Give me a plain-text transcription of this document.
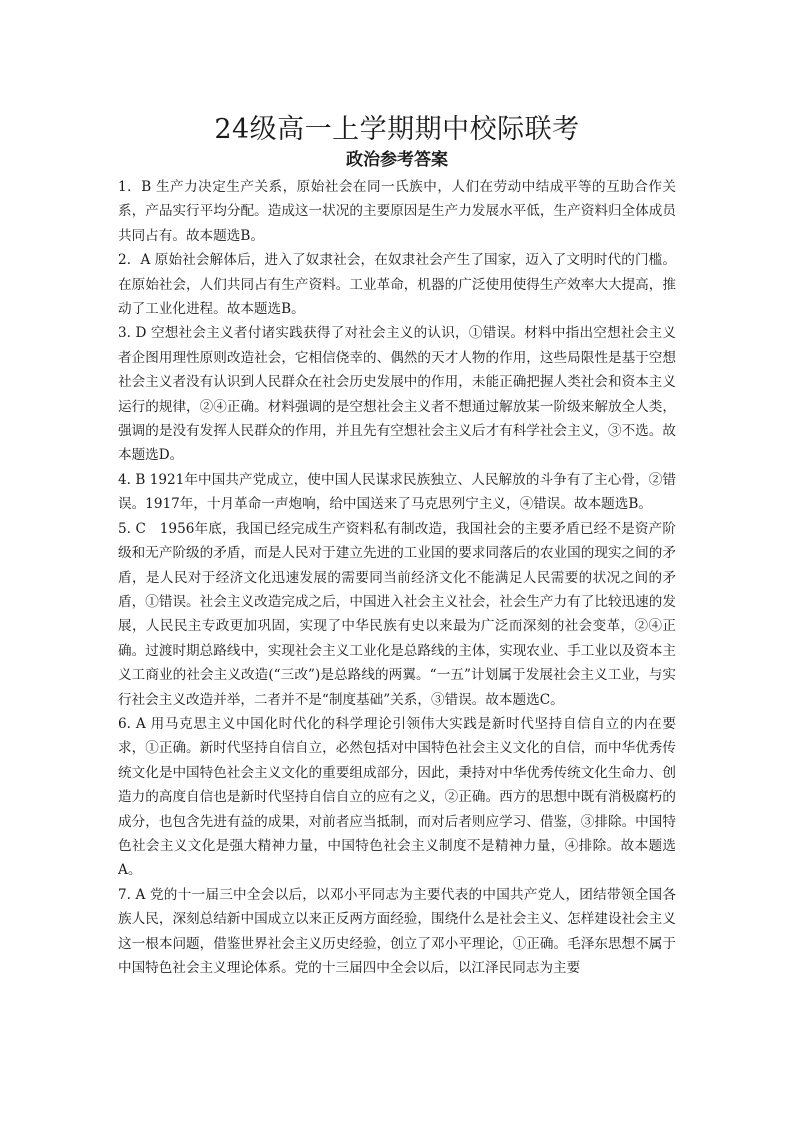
24级高一上学期期中校际联考
政治参考答案

1．B 生产力决定生产关系，原始社会在同一氏族中，人们在劳动中结成平等的互助合作关系，产品实行平均分配。造成这一状况的主要原因是生产力发展水平低，生产资料归全体成员共同占有。故本题选B。

2．A 原始社会解体后，进入了奴隶社会，在奴隶社会产生了国家，迈入了文明时代的门槛。在原始社会，人们共同占有生产资料。工业革命，机器的广泛使用使得生产效率大大提高，推动了工业化进程。故本题选B。

3. D 空想社会主义者付诸实践获得了对社会主义的认识，①错误。材料中指出空想社会主义者企图用理性原则改造社会，它相信侥幸的、偶然的天才人物的作用，这些局限性是基于空想社会主义者没有认识到人民群众在社会历史发展中的作用，未能正确把握人类社会和资本主义运行的规律，②④正确。材料强调的是空想社会主义者不想通过解放某一阶级来解放全人类，强调的是没有发挥人民群众的作用，并且先有空想社会主义后才有科学社会主义，③不选。故本题选D。

4. B 1921年中国共产党成立，使中国人民谋求民族独立、人民解放的斗争有了主心骨，②错误。1917年，十月革命一声炮响，给中国送来了马克思列宁主义，④错误。故本题选B。

5. C　1956年底，我国已经完成生产资料私有制改造，我国社会的主要矛盾已经不是资产阶级和无产阶级的矛盾，而是人民对于建立先进的工业国的要求同落后的农业国的现实之间的矛盾，是人民对于经济文化迅速发展的需要同当前经济文化不能满足人民需要的状况之间的矛盾，①错误。社会主义改造完成之后，中国进入社会主义社会，社会生产力有了比较迅速的发展，人民民主专政更加巩固，实现了中华民族有史以来最为广泛而深刻的社会变革，②④正确。过渡时期总路线中，实现社会主义工业化是总路线的主体，实现农业、手工业以及资本主义工商业的社会主义改造(“三改”)是总路线的两翼。“一五”计划属于发展社会主义工业，与实行社会主义改造并举，二者并不是“制度基础”关系，③错误。故本题选C。

6. A 用马克思主义中国化时代化的科学理论引领伟大实践是新时代坚持自信自立的内在要求，①正确。新时代坚持自信自立，必然包括对中国特色社会主义文化的自信，而中华优秀传统文化是中国特色社会主义文化的重要组成部分，因此，秉持对中华优秀传统文化生命力、创造力的高度自信也是新时代坚持自信自立的应有之义，②正确。西方的思想中既有消极腐朽的成分，也包含先进有益的成果，对前者应当抵制，而对后者则应学习、借鉴，③排除。中国特色社会主义文化是强大精神力量，中国特色社会主义制度不是精神力量，④排除。故本题选A。

7. A 党的十一届三中全会以后，以邓小平同志为主要代表的中国共产党人，团结带领全国各族人民，深刻总结新中国成立以来正反两方面经验，围绕什么是社会主义、怎样建设社会主义这一根本问题，借鉴世界社会主义历史经验，创立了邓小平理论，①正确。毛泽东思想不属于中国特色社会主义理论体系。党的十三届四中全会以后，以江泽民同志为主要
